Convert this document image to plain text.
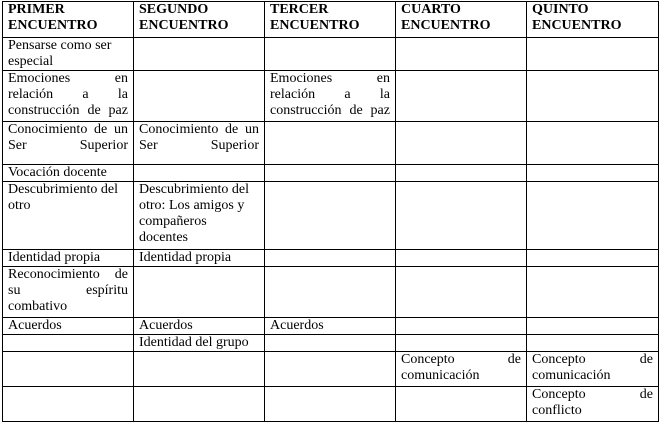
PRIMER ENCUENTRO	SEGUNDO ENCUENTRO	TERCER ENCUENTRO	CUARTO ENCUENTRO	QUINTO ENCUENTRO
Pensarse como ser especial				
Emociones en relación a la construcción de paz		Emociones en relación a la construcción de paz		
Conocimiento de un Ser Superior	Conocimiento de un Ser Superior			
Vocación docente				
Descubrimiento del otro	Descubrimiento del otro: Los amigos y compañeros docentes			
Identidad propia	Identidad propia			
Reconocimiento de su espíritu combativo				
Acuerdos	Acuerdos	Acuerdos		
	Identidad del grupo			
			Concepto de comunicación	Concepto de comunicación
				Concepto de conflicto
